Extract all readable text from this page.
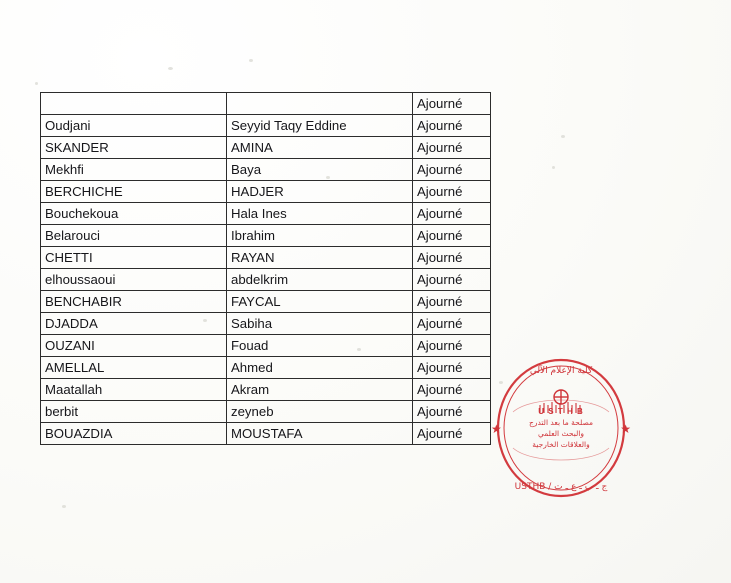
		Ajourné
Oudjani	Seyyid Taqy Eddine	Ajourné
SKANDER	AMINA	Ajourné
Mekhfi	Baya	Ajourné
BERCHICHE	HADJER	Ajourné
Bouchekoua	Hala Ines	Ajourné
Belarouci	Ibrahim	Ajourné
CHETTI	RAYAN	Ajourné
elhoussaoui	abdelkrim	Ajourné
BENCHABIR	FAYCAL	Ajourné
DJADDA	Sabiha	Ajourné
OUZANI	Fouad	Ajourné
AMELLAL	Ahmed	Ajourné
Maatallah	Akram	Ajourné
berbit	zeyneb	Ajourné
BOUAZDIA	MOUSTAFA	Ajourné
كلية الإعلام الآلي
U S T H B
مصلحة ما بعد التدرج
والبحث العلمي
والعلاقات الخارجية
★	★
ج ـ ب ـ ع ـ ت / USTHB
